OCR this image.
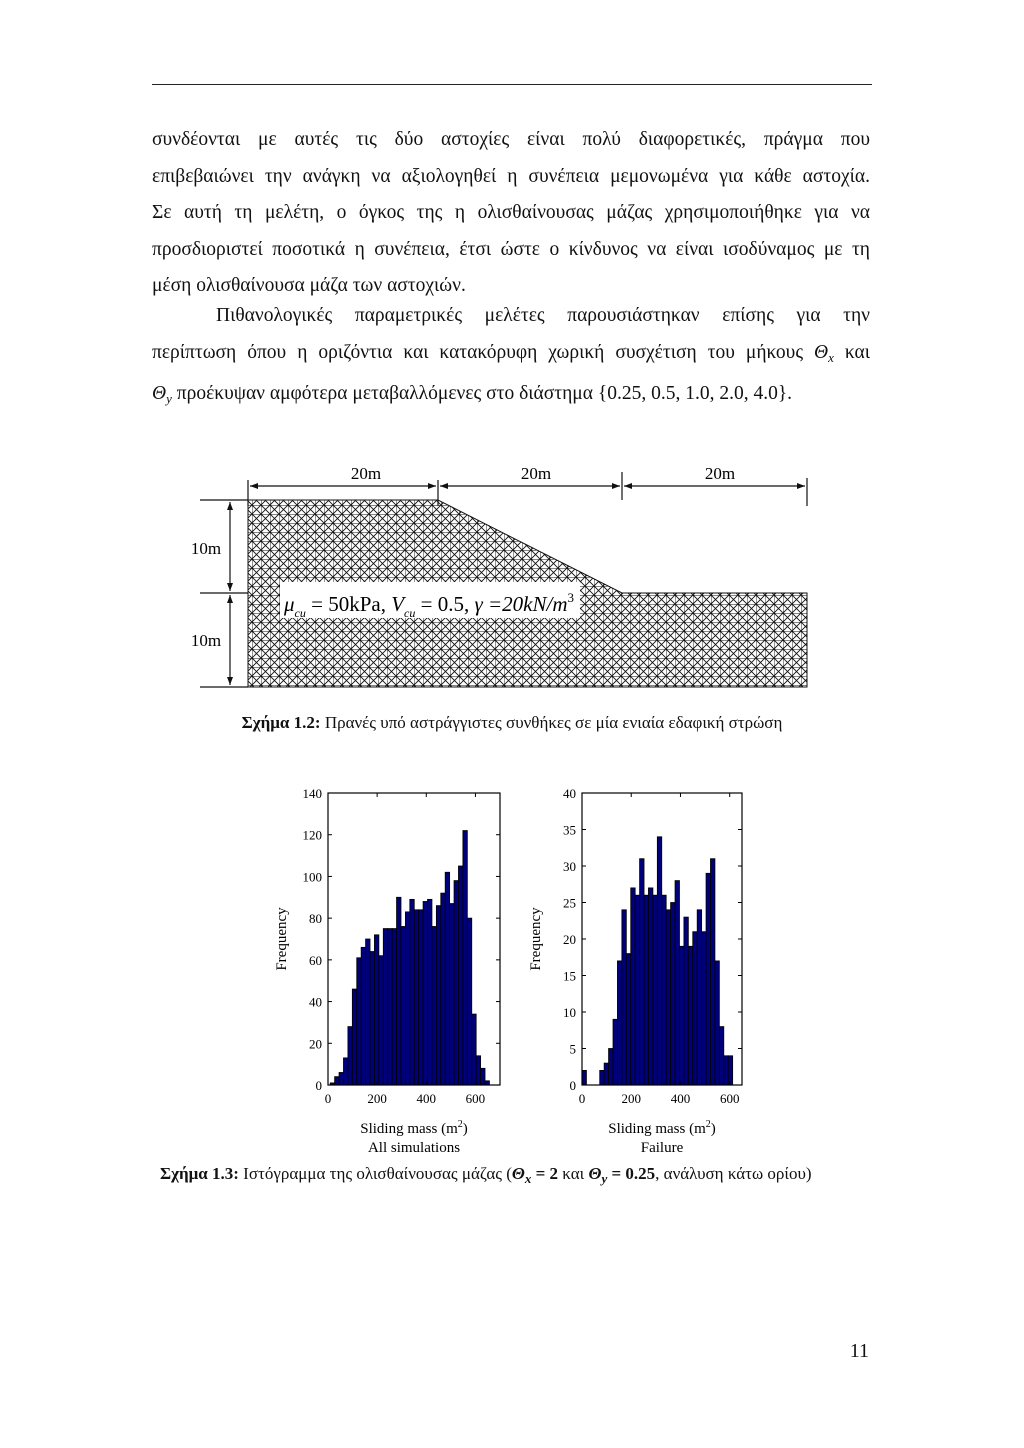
συνδέονται με αυτές τις δύο αστοχίες είναι πολύ διαφορετικές, πράγμα που
επιβεβαιώνει την ανάγκη να αξιολογηθεί η συνέπεια μεμονωμένα για κάθε αστοχία.
Σε αυτή τη μελέτη, ο όγκος της η ολισθαίνουσας μάζας χρησιμοποιήθηκε για να
προσδιοριστεί ποσοτικά η συνέπεια, έτσι ώστε ο κίνδυνος να είναι ισοδύναμος με τη
μέση ολισθαίνουσα μάζα των αστοχιών.

Πιθανολογικές παραμετρικές μελέτες παρουσιάστηκαν επίσης για την
περίπτωση όπου η οριζόντια και κατακόρυφη χωρική συσχέτιση του μήκους $\Theta_x$ και
$\Theta_y$ προέκυψαν αμφότερα μεταβαλλόμενες στο διάστημα {0.25, 0.5, 1.0, 2.0, 4.0}.

20m	20m	20m
10m
10m
$\mu_{cu} = 50kPa$, $V_{cu} = 0.5$, $\gamma =20kN/m^3$
Σχήμα 1.2: Πρανές υπό αστράγγιστες συνθήκες σε μία ενιαία εδαφική στρώση
0
20
40
60
80
100
120
140
0	200 400 600
Frequency
Sliding mass $(m^2)$
All simulations
0
5
10
15
20
25
30
35
40
0	200 400 600
Frequency
Sliding mass $(m^2)$
Failure
Σχήμα 1.3: Ιστόγραμμα της ολισθαίνουσας μάζας ($\Theta_x = 2$ και $\Theta_y = 0.25$, ανάλυση κάτω ορίου)
11
